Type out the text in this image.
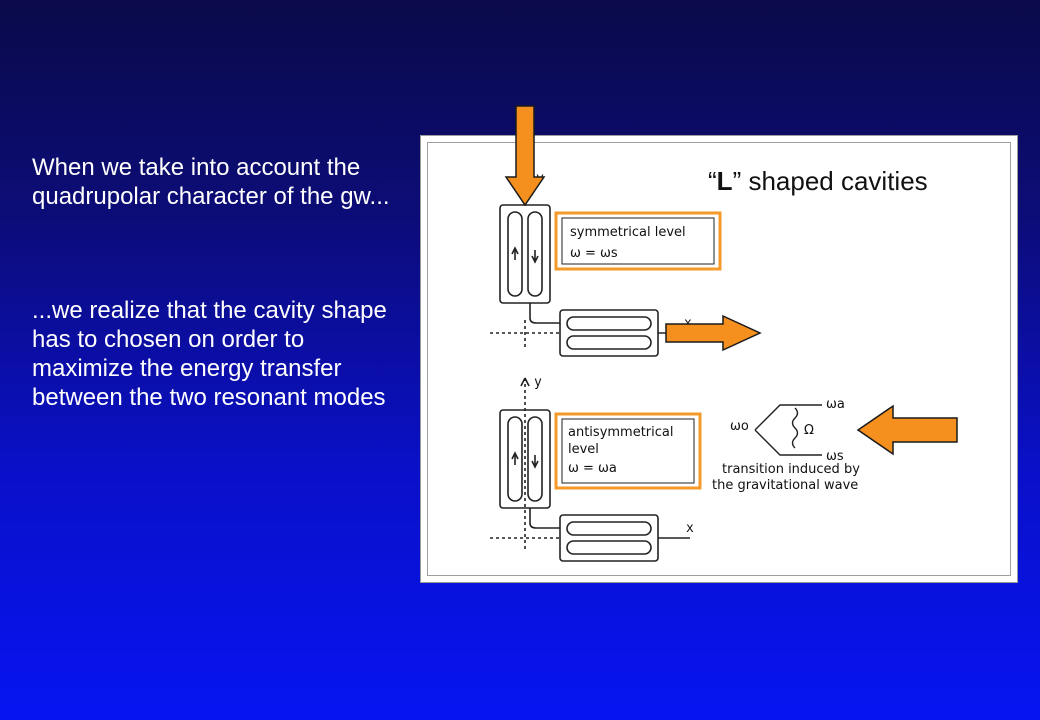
When we take into account the quadrupolar character of the gw...
...we realize that the cavity shape has to chosen on order to maximize the energy transfer between the two resonant modes
“L” shaped cavities
symmetrical level
ω = ωs
y
x
antisymmetrical
level
ω = ωa
ωo
ωa
ωs
Ω
transition induced by
the gravitational wave
